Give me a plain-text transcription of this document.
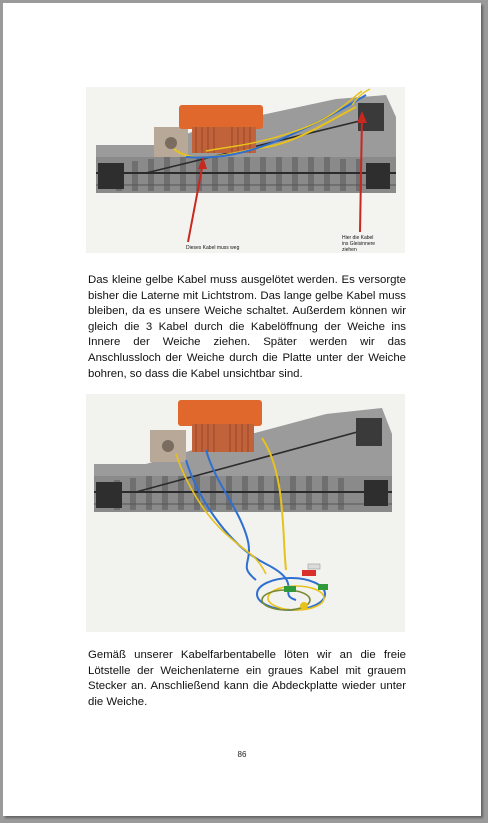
Dieses Kabel muss weg
Hier die Kabel
ins Gleisinnere
ziehen

Das kleine gelbe Kabel muss ausgelötet werden. Es versorgte bisher die Laterne mit Lichtstrom. Das lange gelbe Kabel muss bleiben, da es unsere Weiche schaltet. Außerdem können wir gleich die 3 Kabel durch die Kabelöffnung der Weiche ins Innere der Weiche ziehen. Später werden wir das Anschlussloch der Weiche durch die Platte unter der Weiche bohren, so dass die Kabel unsichtbar sind.

Gemäß unserer Kabelfarbentabelle löten wir an die freie Lötstelle der Weichenlaterne ein graues Kabel mit grauem Stecker an. Anschließend kann die Abdeckplatte wieder unter die Weiche.

86
